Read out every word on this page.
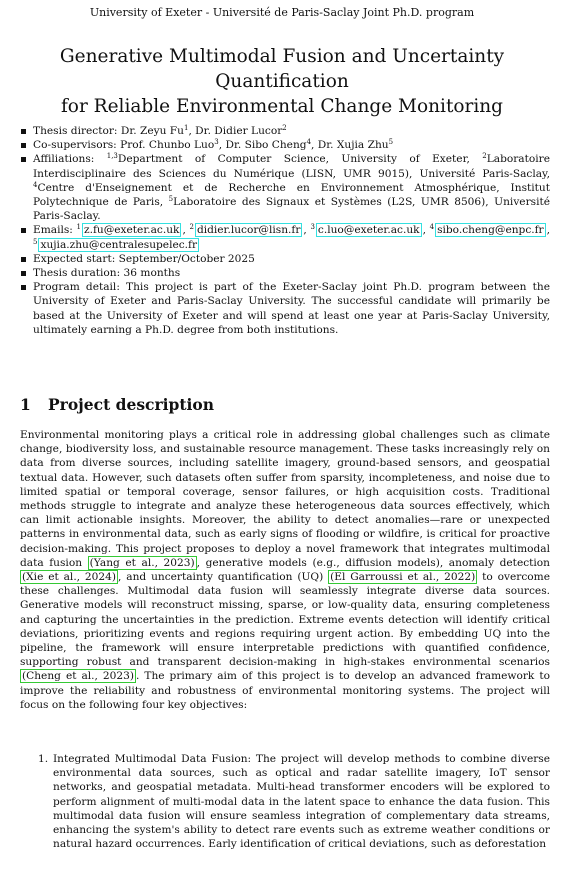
University of Exeter - Université de Paris-Saclay Joint Ph.D. program
Generative Multimodal Fusion and Uncertainty Quantification
for Reliable Environmental Change Monitoring
Thesis director: Dr. Zeyu Fu$^1$, Dr. Didier Lucor$^2$
Co-supervisors: Prof. Chunbo Luo$^3$, Dr. Sibo Cheng$^4$, Dr. Xujia Zhu$^5$
Affiliations: $^{1,3}$Department of Computer Science, University of Exeter, $^2$Laboratoire Interdisciplinaire des Sciences du Numérique (LISN, UMR 9015), Université Paris-Saclay, $^4$Centre d'Enseignement et de Recherche en Environnement Atmosphérique, Institut Polytechnique de Paris, $^5$Laboratoire des Signaux et Systèmes (L2S, UMR 8506), Université Paris-Saclay.
Emails: $^1$ z.fu@exeter.ac.uk , $^2$ didier.lucor@lisn.fr , $^3$ c.luo@exeter.ac.uk , $^4$ sibo.cheng@enpc.fr , $^5$ xujia.zhu@centralesupelec.fr
Expected start: September/October 2025
Thesis duration: 36 months
Program detail: This project is part of the Exeter-Saclay joint Ph.D. program between the University of Exeter and Paris-Saclay University. The successful candidate will primarily be based at the University of Exeter and will spend at least one year at Paris-Saclay University, ultimately earning a Ph.D. degree from both institutions.
1 Project description

Environmental monitoring plays a critical role in addressing global challenges such as climate change, biodiversity loss, and sustainable resource management. These tasks increasingly rely on data from diverse sources, including satellite imagery, ground-based sensors, and geospatial textual data. However, such datasets often suffer from sparsity, incompleteness, and noise due to limited spatial or temporal coverage, sensor failures, or high acquisition costs. Traditional methods struggle to integrate and analyze these heterogeneous data sources effectively, which can limit actionable insights. Moreover, the ability to detect anomalies—rare or unexpected patterns in environmental data, such as early signs of flooding or wildfire, is critical for proactive decision-making. This project proposes to deploy a novel framework that integrates multimodal data fusion (Yang et al., 2023) , generative models (e.g., diffusion models), anomaly detection (Xie et al., 2024) , and uncertainty quantification (UQ) (El Garroussi et al., 2022) to overcome these challenges. Multimodal data fusion will seamlessly integrate diverse data sources. Generative models will reconstruct missing, sparse, or low-quality data, ensuring completeness and capturing the uncertainties in the prediction. Extreme events detection will identify critical deviations, prioritizing events and regions requiring urgent action. By embedding UQ into the pipeline, the framework will ensure interpretable predictions with quantified confidence, supporting robust and transparent decision-making in high-stakes environmental scenarios (Cheng et al., 2023) . The primary aim of this project is to develop an advanced framework to improve the reliability and robustness of environmental monitoring systems. The project will focus on the following four key objectives:

1. Integrated Multimodal Data Fusion: The project will develop methods to combine diverse environmental data sources, such as optical and radar satellite imagery, IoT sensor networks, and geospatial metadata. Multi-head transformer encoders will be explored to perform alignment of multi-modal data in the latent space to enhance the data fusion. This multimodal data fusion will ensure seamless integration of complementary data streams, enhancing the system's ability to detect rare events such as extreme weather conditions or natural hazard occurrences. Early identification of critical deviations, such as deforestation
